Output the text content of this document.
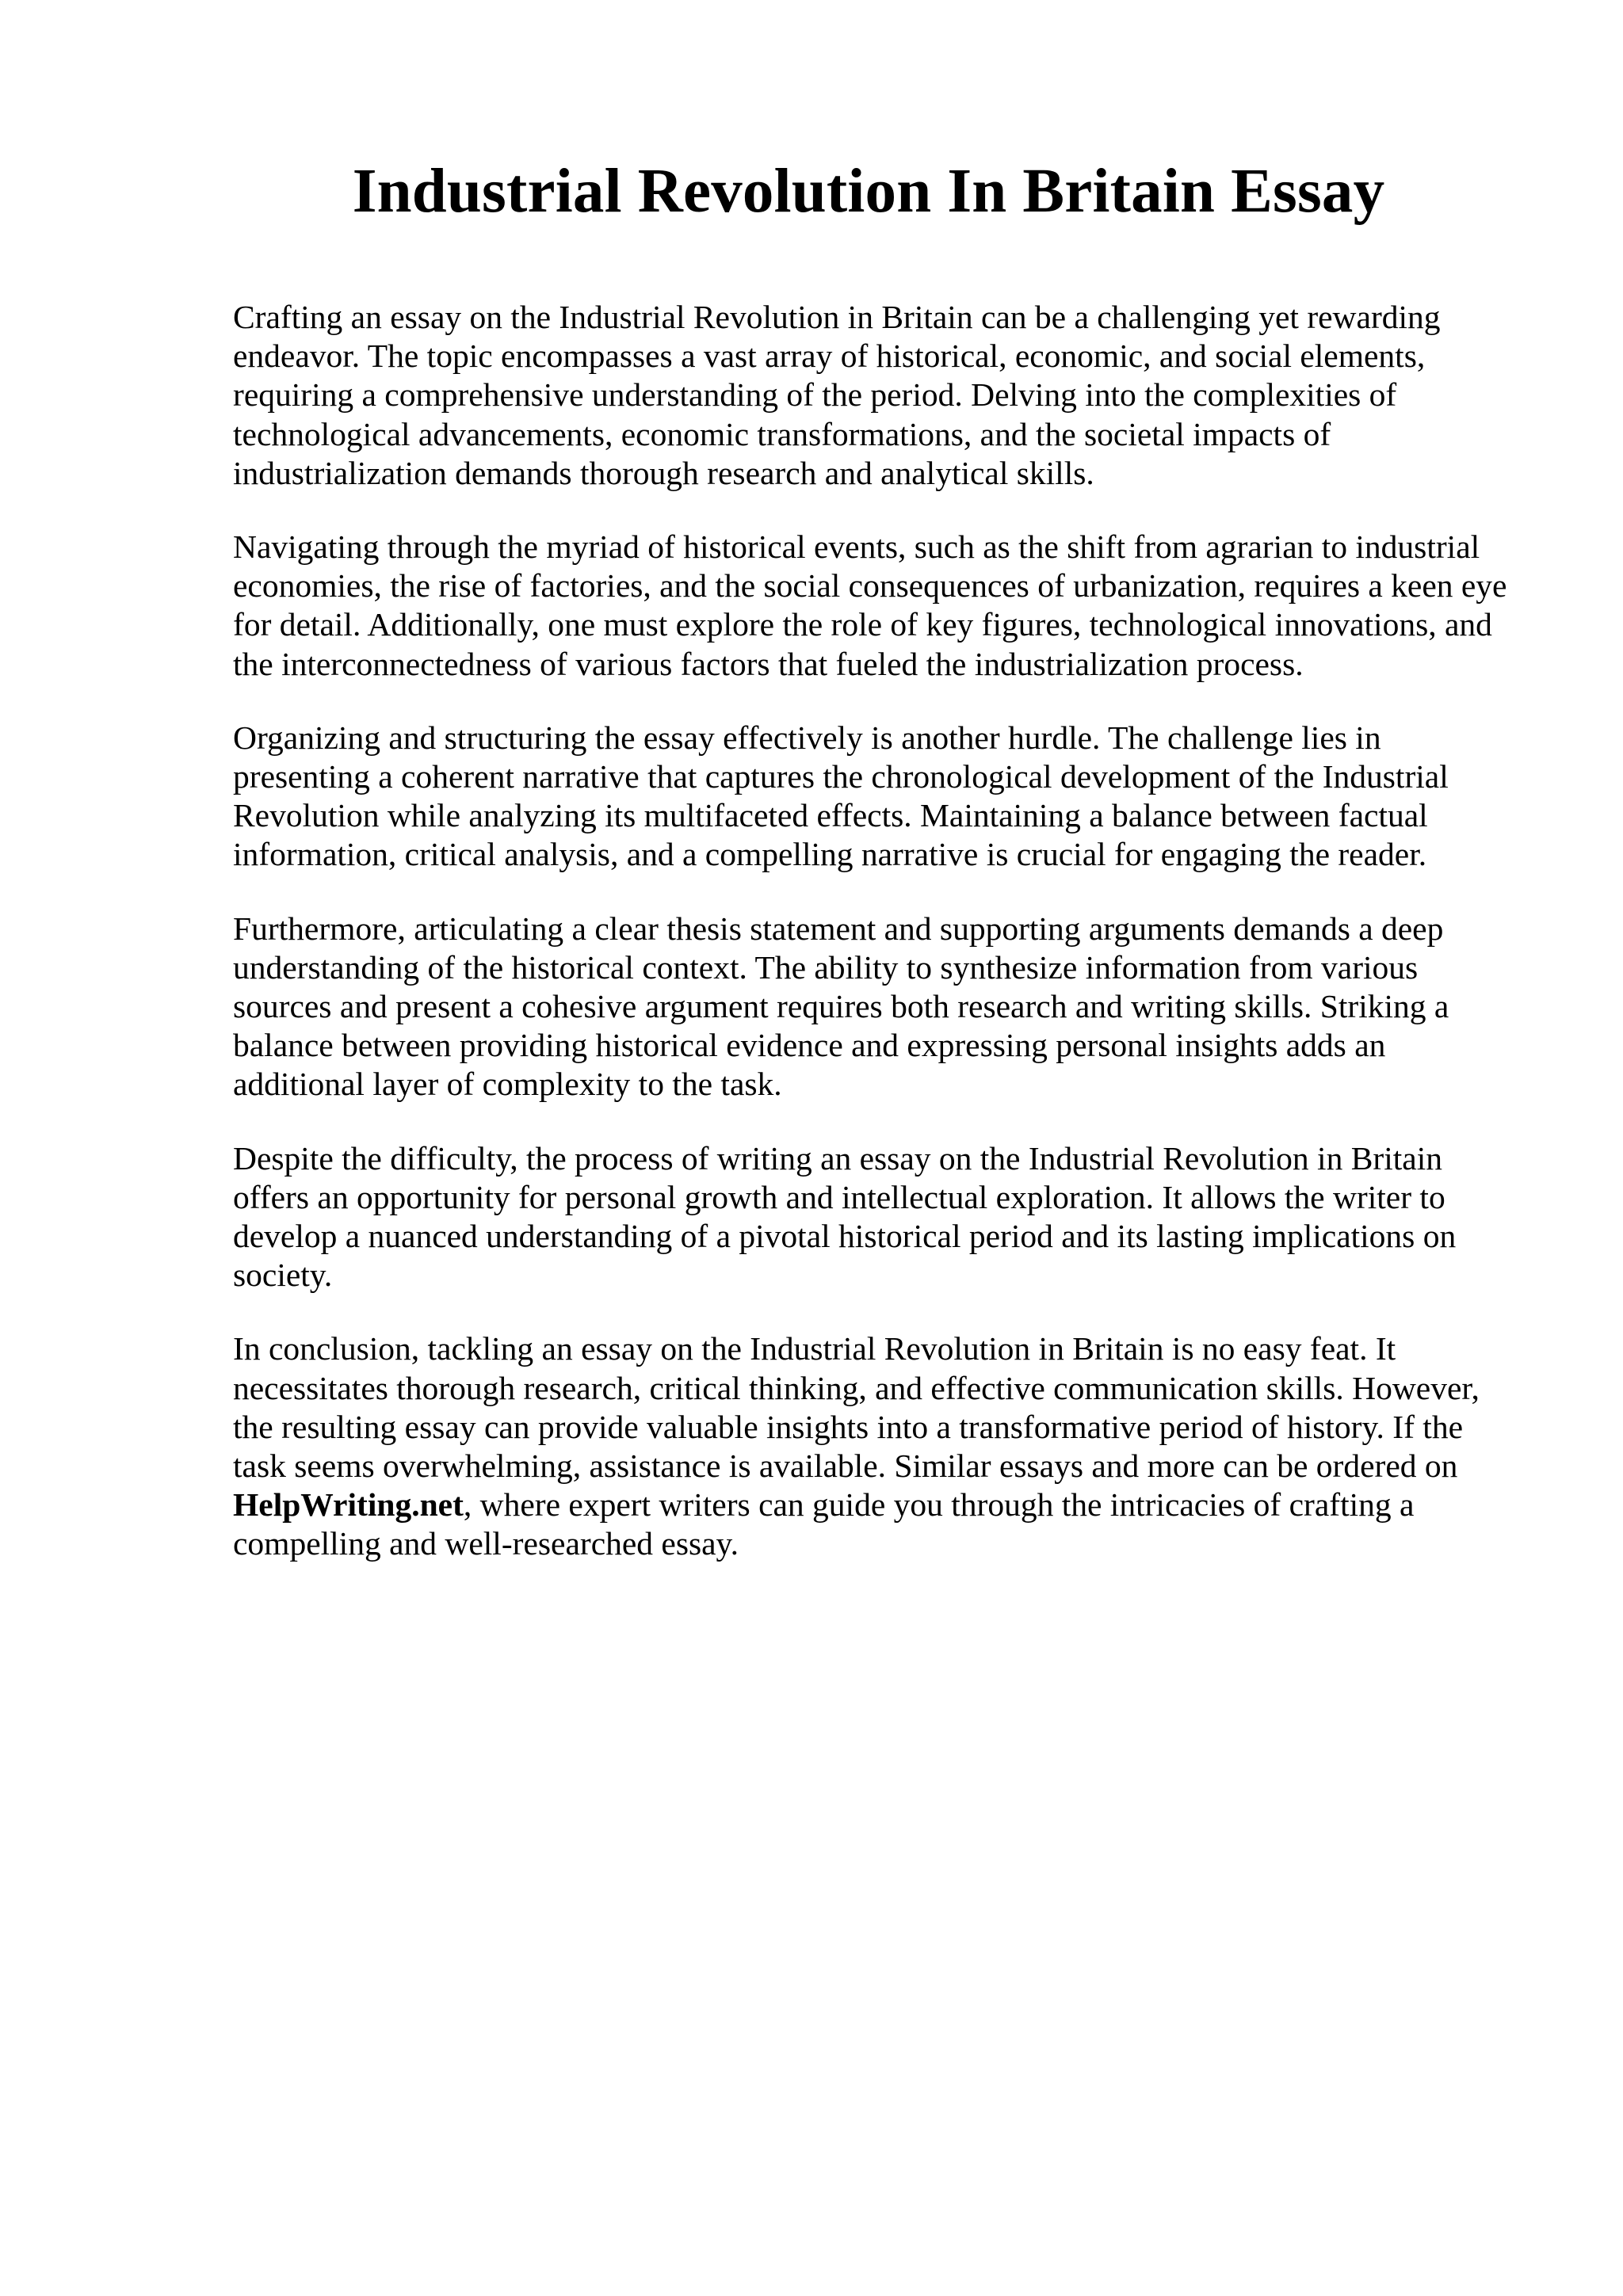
Industrial Revolution In Britain Essay

Crafting an essay on the Industrial Revolution in Britain can be a challenging yet rewarding
endeavor. The topic encompasses a vast array of historical, economic, and social elements,
requiring a comprehensive understanding of the period. Delving into the complexities of
technological advancements, economic transformations, and the societal impacts of
industrialization demands thorough research and analytical skills.

Navigating through the myriad of historical events, such as the shift from agrarian to industrial
economies, the rise of factories, and the social consequences of urbanization, requires a keen eye
for detail. Additionally, one must explore the role of key figures, technological innovations, and
the interconnectedness of various factors that fueled the industrialization process.

Organizing and structuring the essay effectively is another hurdle. The challenge lies in
presenting a coherent narrative that captures the chronological development of the Industrial
Revolution while analyzing its multifaceted effects. Maintaining a balance between factual
information, critical analysis, and a compelling narrative is crucial for engaging the reader.

Furthermore, articulating a clear thesis statement and supporting arguments demands a deep
understanding of the historical context. The ability to synthesize information from various
sources and present a cohesive argument requires both research and writing skills. Striking a
balance between providing historical evidence and expressing personal insights adds an
additional layer of complexity to the task.

Despite the difficulty, the process of writing an essay on the Industrial Revolution in Britain
offers an opportunity for personal growth and intellectual exploration. It allows the writer to
develop a nuanced understanding of a pivotal historical period and its lasting implications on
society.

In conclusion, tackling an essay on the Industrial Revolution in Britain is no easy feat. It
necessitates thorough research, critical thinking, and effective communication skills. However,
the resulting essay can provide valuable insights into a transformative period of history. If the
task seems overwhelming, assistance is available. Similar essays and more can be ordered on
HelpWriting.net, where expert writers can guide you through the intricacies of crafting a
compelling and well-researched essay.
